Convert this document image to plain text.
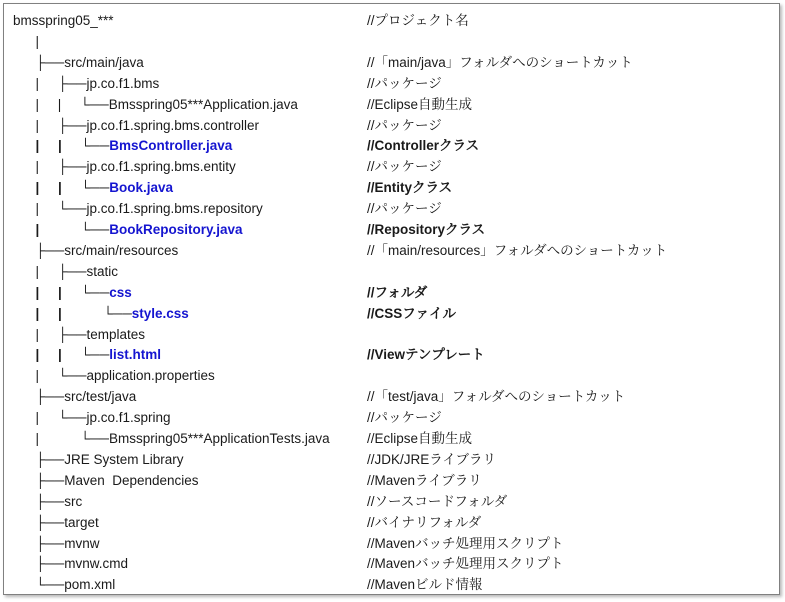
bmsspring05_***	//プロジェクト名
|
├──src/main/java	//「main/java」フォルダへのショートカット
|     ├──jp.co.f1.bms	//パッケージ
|     |     └──Bmsspring05***Application.java	//Eclipse自動生成
|     ├──jp.co.f1.spring.bms.controller	//パッケージ
|     |     └──BmsController.java	//Controllerクラス
|     ├──jp.co.f1.spring.bms.entity	//パッケージ
|     |     └──Book.java	//Entityクラス
|     └──jp.co.f1.spring.bms.repository	//パッケージ
|           └──BookRepository.java	//Repositoryクラス
├──src/main/resources	//「main/resources」フォルダへのショートカット
|     ├──static
|     |     └──css	//フォルダ
|     |           └──style.css	//CSSファイル
|     ├──templates
|     |     └──list.html	//Viewテンプレート
|     └──application.properties
├──src/test/java	//「test/java」フォルダへのショートカット
|     └──jp.co.f1.spring	//パッケージ
|           └──Bmsspring05***ApplicationTests.java	//Eclipse自動生成
├──JRE System Library	//JDK/JREライブラリ
├──Maven  Dependencies	//Mavenライブラリ
├──src	//ソースコードフォルダ
├──target	//バイナリフォルダ
├──mvnw	//Mavenバッチ処理用スクリプト
├──mvnw.cmd	//Mavenバッチ処理用スクリプト
└──pom.xml	//Mavenビルド情報
